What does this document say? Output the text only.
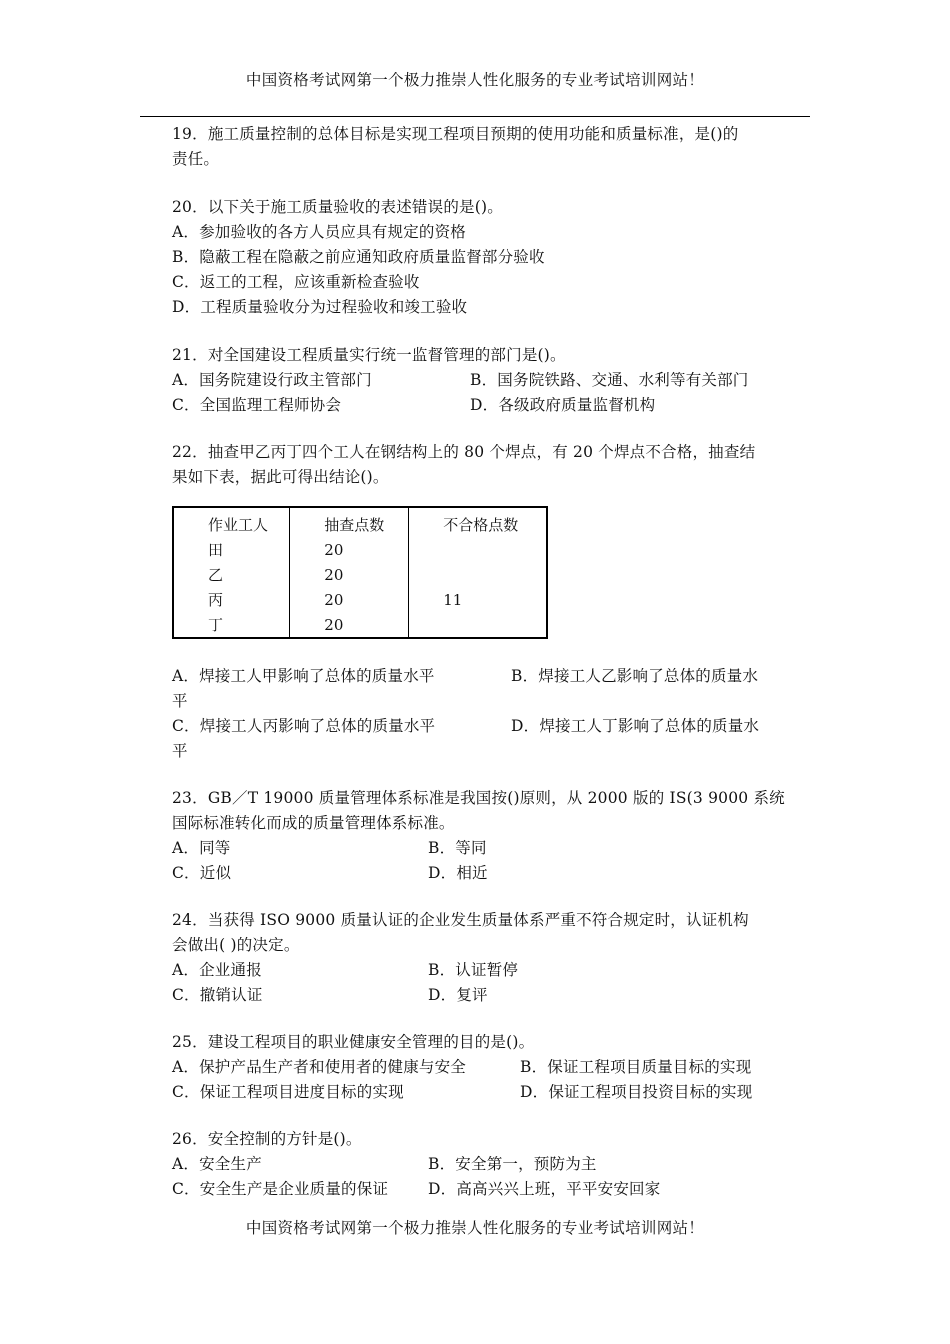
中国资格考试网第一个极力推崇人性化服务的专业考试培训网站！
19．施工质量控制的总体目标是实现工程项目预期的使用功能和质量标准，是()的
责任。
20．以下关于施工质量验收的表述错误的是()。
A．参加验收的各方人员应具有规定的资格
B．隐蔽工程在隐蔽之前应通知政府质量监督部分验收
C．返工的工程，应该重新检查验收
D．工程质量验收分为过程验收和竣工验收
21．对全国建设工程质量实行统一监督管理的部门是()。
A．国务院建设行政主管部门	B．国务院铁路、交通、水利等有关部门
C．全国监理工程师协会	D．各级政府质量监督机构
22．抽查甲乙丙丁四个工人在钢结构上的 80 个焊点，有 20 个焊点不合格，抽查结
果如下表，据此可得出结论()。
作业工人	抽查点数	不合格点数
田	20	
乙	20	
丙	20	11
丁	20	
A．焊接工人甲影响了总体的质量水平	B．焊接工人乙影响了总体的质量水
平
C．焊接工人丙影响了总体的质量水平	D．焊接工人丁影响了总体的质量水
平
23．GB／T 19000 质量管理体系标准是我国按()原则，从 2000 版的 IS(3 9000 系统
国际标准转化而成的质量管理体系标准。
A．同等	B．等同
C．近似	D．相近
24．当获得 ISO 9000 质量认证的企业发生质量体系严重不符合规定时，认证机构
会做出( )的决定。
A．企业通报	B．认证暂停
C．撤销认证	D．复评
25．建设工程项目的职业健康安全管理的目的是()。
A．保护产品生产者和使用者的健康与安全	B．保证工程项目质量目标的实现
C．保证工程项目进度目标的实现	D．保证工程项目投资目标的实现
26．安全控制的方针是()。
A．安全生产	B．安全第一，预防为主
C．安全生产是企业质量的保证	D．高高兴兴上班，平平安安回家
中国资格考试网第一个极力推崇人性化服务的专业考试培训网站！
